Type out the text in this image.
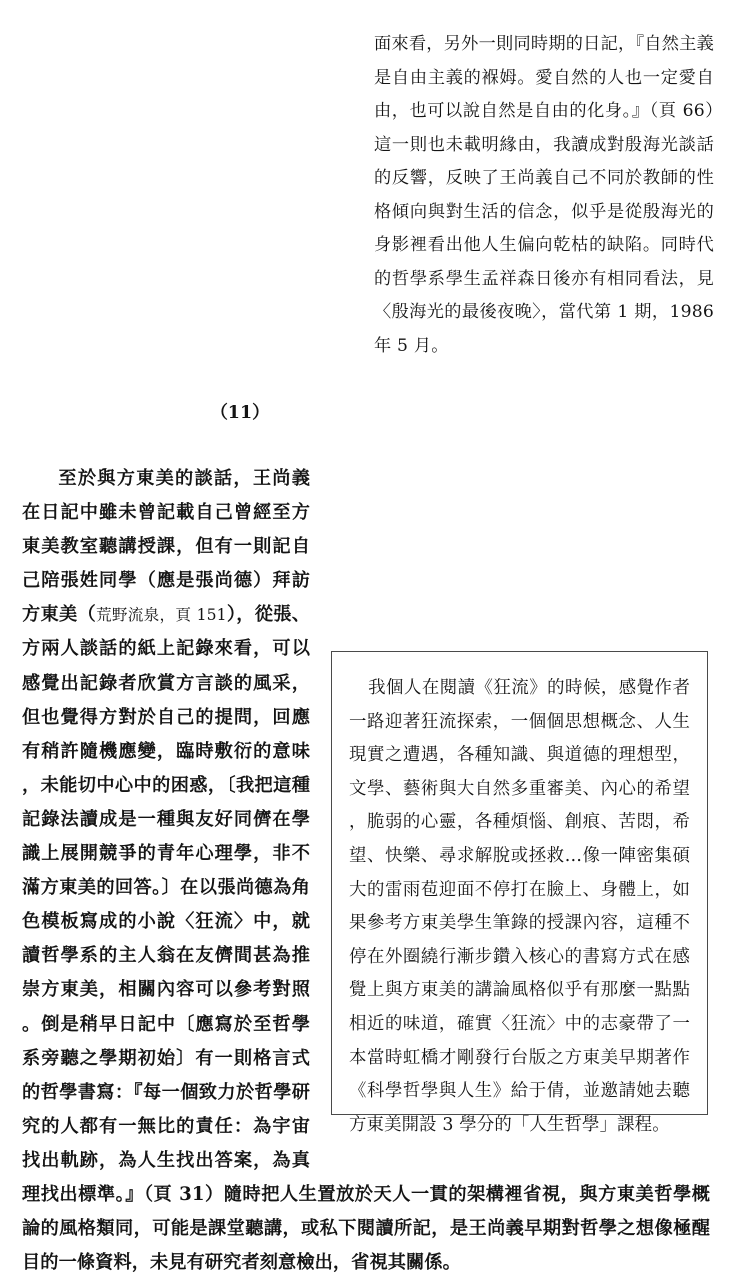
面來看，另外一則同時期的日記，『自然主義是自由主義的褓姆。愛自然的人也一定愛自由，也可以說自然是自由的化身。』（頁 66）這一則也未載明緣由，我讀成對殷海光談話的反響，反映了王尚義自己不同於教師的性格傾向與對生活的信念，似乎是從殷海光的身影裡看出他人生偏向乾枯的缺陷。同時代的哲學系學生孟祥森日後亦有相同看法，見〈殷海光的最後夜晚〉，當代第 1 期，1986 年 5 月。
（11）

至於與方東美的談話，王尚義在日記中雖未曾記載自己曾經至方東美教室聽講授課，但有一則記自己陪張姓同學（應是張尚德）拜訪方東美（荒野流泉，頁 151），從張、方兩人談話的紙上記錄來看，可以感覺出記錄者欣賞方言談的風采，但也覺得方對於自己的提問，回應有稍許隨機應變，臨時敷衍的意味，未能切中心中的困惑，〔我把這種記錄法讀成是一種與友好同儕在學識上展開競爭的青年心理學，非不滿方東美的回答。〕在以張尚德為角色模板寫成的小說〈狂流〉中，就讀哲學系的主人翁在友儕間甚為推崇方東美，相關內容可以參考對照。倒是稍早日記中〔應寫於至哲學系旁聽之學期初始〕有一則格言式的哲學書寫：『每一個致力於哲學研究的人都有一無比的責任：為宇宙找出軌跡，為人生找出答案，為真理找出標準。』（頁 31）隨時把人生置放於天人一貫的架構裡省視，與方東美哲學概論的風格類同，可能是課堂聽講，或私下閱讀所記，是王尚義早期對哲學之想像極醒目的一條資料，未見有研究者刻意檢出，省視其關係。

我個人在閱讀《狂流》的時候，感覺作者一路迎著狂流探索，一個個思想概念、人生現實之遭遇，各種知識、與道德的理想型，文學、藝術與大自然多重審美、內心的希望，脆弱的心靈，各種煩惱、創痕、苦悶，希望、快樂、尋求解脫或拯救…像一陣密集碩大的雷雨苞迎面不停打在臉上、身體上，如果參考方東美學生筆錄的授課內容，這種不停在外圈繞行漸步鑽入核心的書寫方式在感覺上與方東美的講論風格似乎有那麼一點點相近的味道，確實〈狂流〉中的志豪帶了一本當時虹橋才剛發行台版之方東美早期著作《科學哲學與人生》給于倩，並邀請她去聽方東美開設 3 學分的「人生哲學」課程。
